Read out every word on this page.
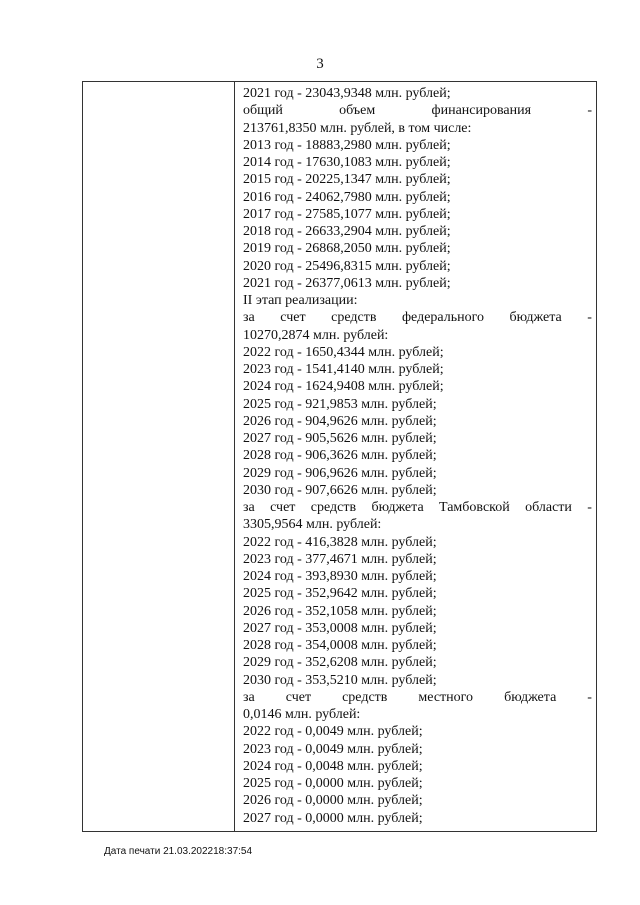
3
2021 год - 23043,9348 млн. рублей;
общий	объем	финансирования	-
213761,8350 млн. рублей, в том числе:
2013 год - 18883,2980 млн. рублей;
2014 год - 17630,1083 млн. рублей;
2015 год - 20225,1347 млн. рублей;
2016 год - 24062,7980 млн. рублей;
2017 год - 27585,1077 млн. рублей;
2018 год - 26633,2904 млн. рублей;
2019 год - 26868,2050 млн. рублей;
2020 год - 25496,8315 млн. рублей;
2021 год - 26377,0613 млн. рублей;
II этап реализации:
за счет средств федерального бюджета -
10270,2874 млн. рублей:
2022 год - 1650,4344 млн. рублей;
2023 год - 1541,4140 млн. рублей;
2024 год - 1624,9408 млн. рублей;
2025 год - 921,9853 млн. рублей;
2026 год - 904,9626 млн. рублей;
2027 год - 905,5626 млн. рублей;
2028 год - 906,3626 млн. рублей;
2029 год - 906,9626 млн. рублей;
2030 год - 907,6626 млн. рублей;
за счет средств бюджета Тамбовской области -
3305,9564 млн. рублей:
2022 год - 416,3828 млн. рублей;
2023 год - 377,4671 млн. рублей;
2024 год - 393,8930 млн. рублей;
2025 год - 352,9642 млн. рублей;
2026 год - 352,1058 млн. рублей;
2027 год - 353,0008 млн. рублей;
2028 год - 354,0008 млн. рублей;
2029 год - 352,6208 млн. рублей;
2030 год - 353,5210 млн. рублей;
за счет средств местного бюджета -
0,0146 млн. рублей:
2022 год - 0,0049 млн. рублей;
2023 год - 0,0049 млн. рублей;
2024 год - 0,0048 млн. рублей;
2025 год - 0,0000 млн. рублей;
2026 год - 0,0000 млн. рублей;
2027 год - 0,0000 млн. рублей;
Дата печати 21.03.202218:37:54
